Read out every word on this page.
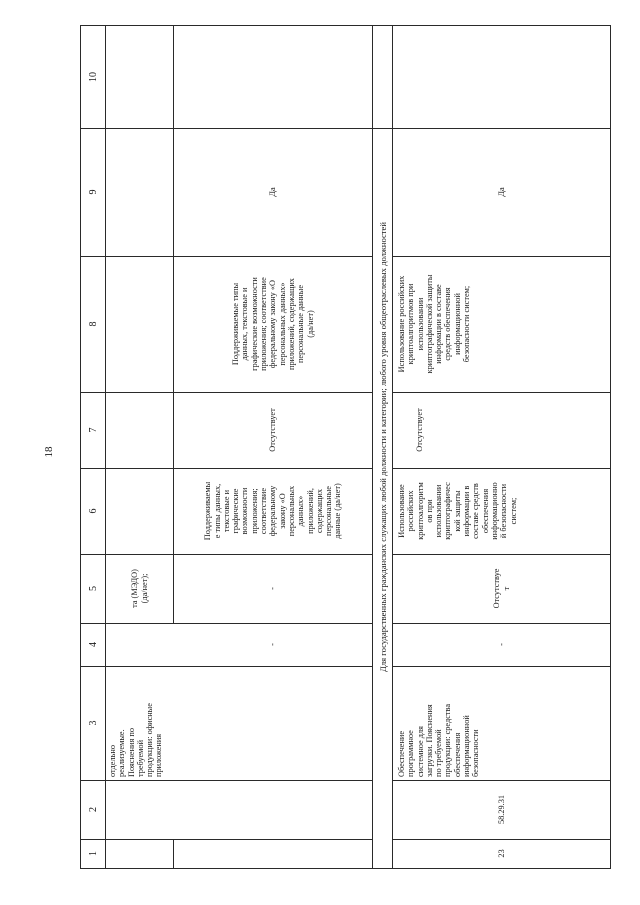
18
10
9
8
7
6
5
4
3
2
1
отдельно
реализуемые.
Пояснения по
требуемой
продукции: офисные
приложения
та (МЭДО)
(да/нет);
-
-
Поддерживаемы
е типы данных,
текстовые и
графические
возможности
приложения;
соответствие
федеральному
закону «О
персональных
данных»
приложений,
содержащих
персональные
данные (да/нет)
Отсутствует
Поддерживаемые типы
данных, текстовые и
графические возможности
приложения; соответствие
федеральному закону «О
персональных данных»
приложений, содержащих
персональные данные
(да/нет)
Да
Для государственных гражданских служащих любой должности и категории; любого уровня общеотраслевых должностей
23
58.29.31
Обеспечение
программное
системное для
загрузки. Пояснения
по требуемой
продукции: средства
обеспечения
информационной
безопасности
-
Отсутствуе
т
Использование
российских
криптоалгоритм
ов при
использовании
криптографичес
кой защиты
информации в
составе средств
обеспечения
информационно
й безопасности
систем;
Отсутствует
Использование российских
криптоалгоритмов при
использовании
криптографической защиты
информации в составе
средств обеспечения
информационной
безопасности систем;
Да
